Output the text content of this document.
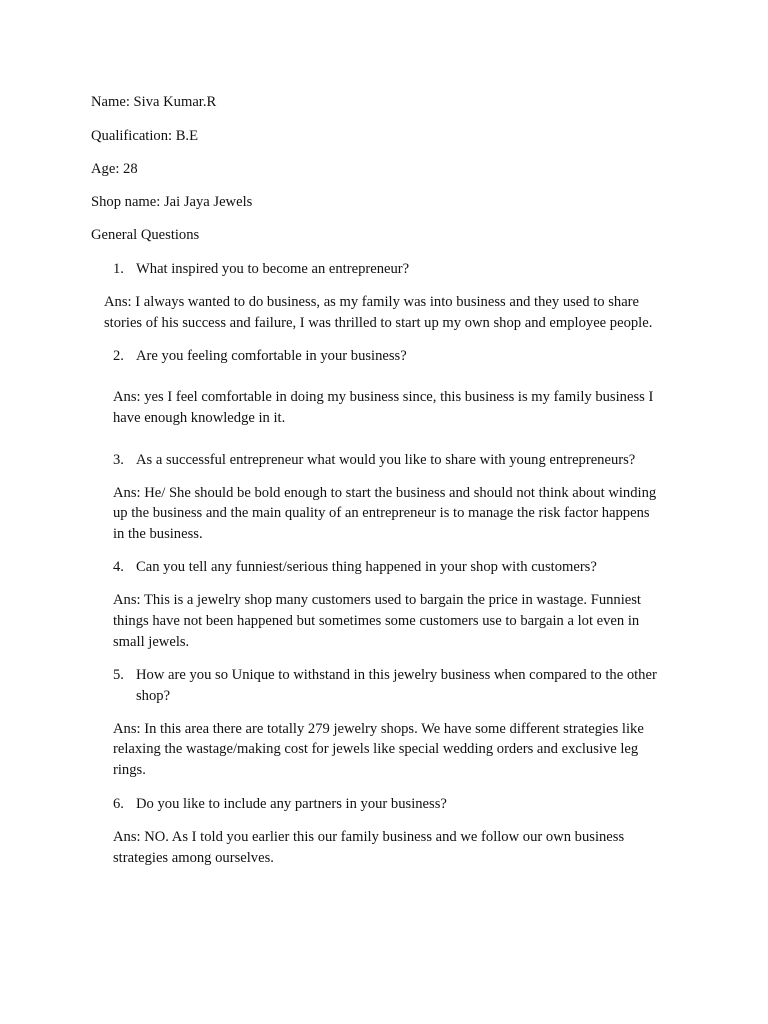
Name: Siva Kumar.R
Qualification: B.E
Age: 28
Shop name: Jai Jaya Jewels
General Questions
1. What inspired you to become an entrepreneur?
Ans: I always wanted to do business, as my family was into business and they used to share
stories of his success and failure, I was thrilled to start up my own shop and employee people.
2. Are you feeling comfortable in your business?
Ans: yes I feel comfortable in doing my business since, this business is my family business I
have enough knowledge in it.
3. As a successful entrepreneur what would you like to share with young entrepreneurs?
Ans: He/ She should be bold enough to start the business and should not think about winding
up the business and the main quality of an entrepreneur is to manage the risk factor happens
in the business.
4. Can you tell any funniest/serious thing happened in your shop with customers?
Ans: This is a jewelry shop many customers used to bargain the price in wastage. Funniest
things have not been happened but sometimes some customers use to bargain a lot even in
small jewels.
5. How are you so Unique to withstand in this jewelry business when compared to the other
shop?
Ans: In this area there are totally 279 jewelry shops. We have some different strategies like
relaxing the wastage/making cost for jewels like special wedding orders and exclusive leg
rings.
6. Do you like to include any partners in your business?
Ans: NO. As I told you earlier this our family business and we follow our own business
strategies among ourselves.
